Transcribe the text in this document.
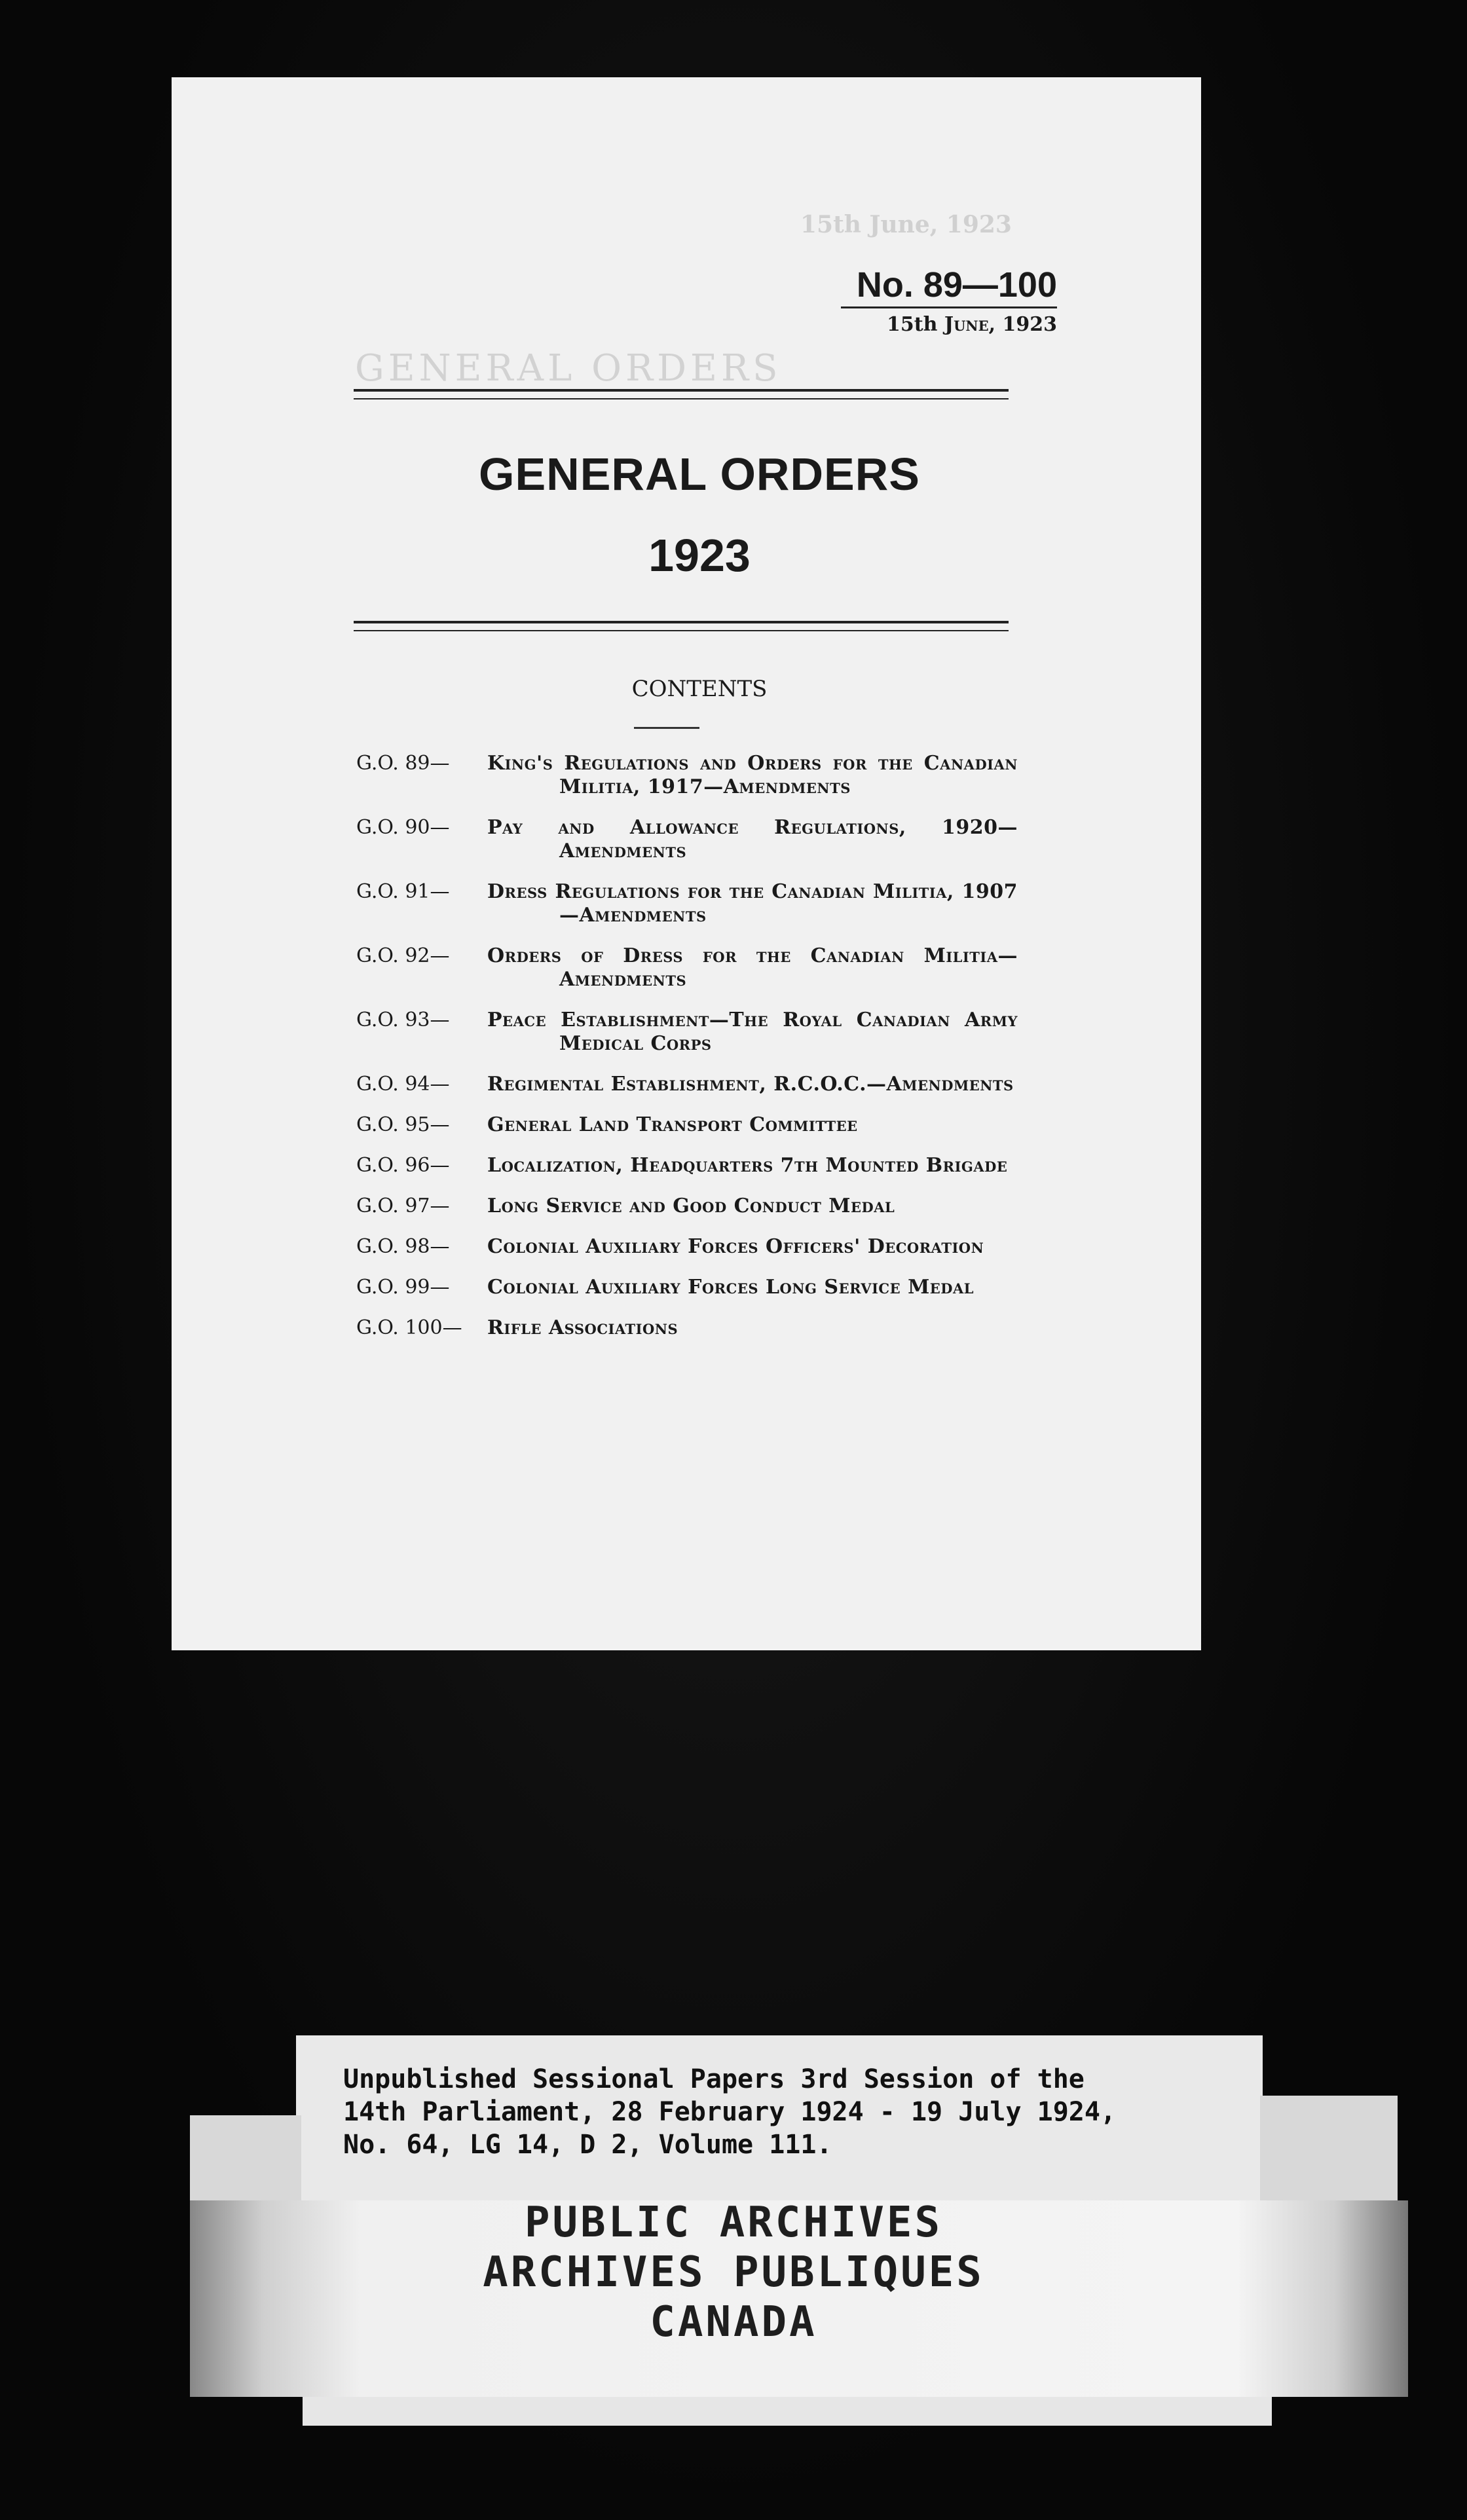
GENERAL ORDERS
15th June, 1923
No. 89—100
15th June, 1923
GENERAL ORDERS
1923
CONTENTS
G.O. 89—	King's Regulations and Orders for the Canadian Militia, 1917—Amendments
G.O. 90—	Pay and Allowance Regulations, 1920—Amendments
G.O. 91—	Dress Regulations for the Canadian Militia, 1907—Amendments
G.O. 92—	Orders of Dress for the Canadian Militia—Amendments
G.O. 93—	Peace Establishment—The Royal Canadian Army Medical Corps
G.O. 94—	Regimental Establishment, R.C.O.C.—Amendments
G.O. 95—	General Land Transport Committee
G.O. 96—	Localization, Headquarters 7th Mounted Brigade
G.O. 97—	Long Service and Good Conduct Medal
G.O. 98—	Colonial Auxiliary Forces Officers' Decoration
G.O. 99—	Colonial Auxiliary Forces Long Service Medal
G.O. 100—	Rifle Associations
Unpublished Sessional Papers 3rd Session of the
14th Parliament, 28 February 1924 - 19 July 1924,
No. 64, LG 14, D 2, Volume 111.
PUBLIC ARCHIVES
ARCHIVES PUBLIQUES
CANADA
